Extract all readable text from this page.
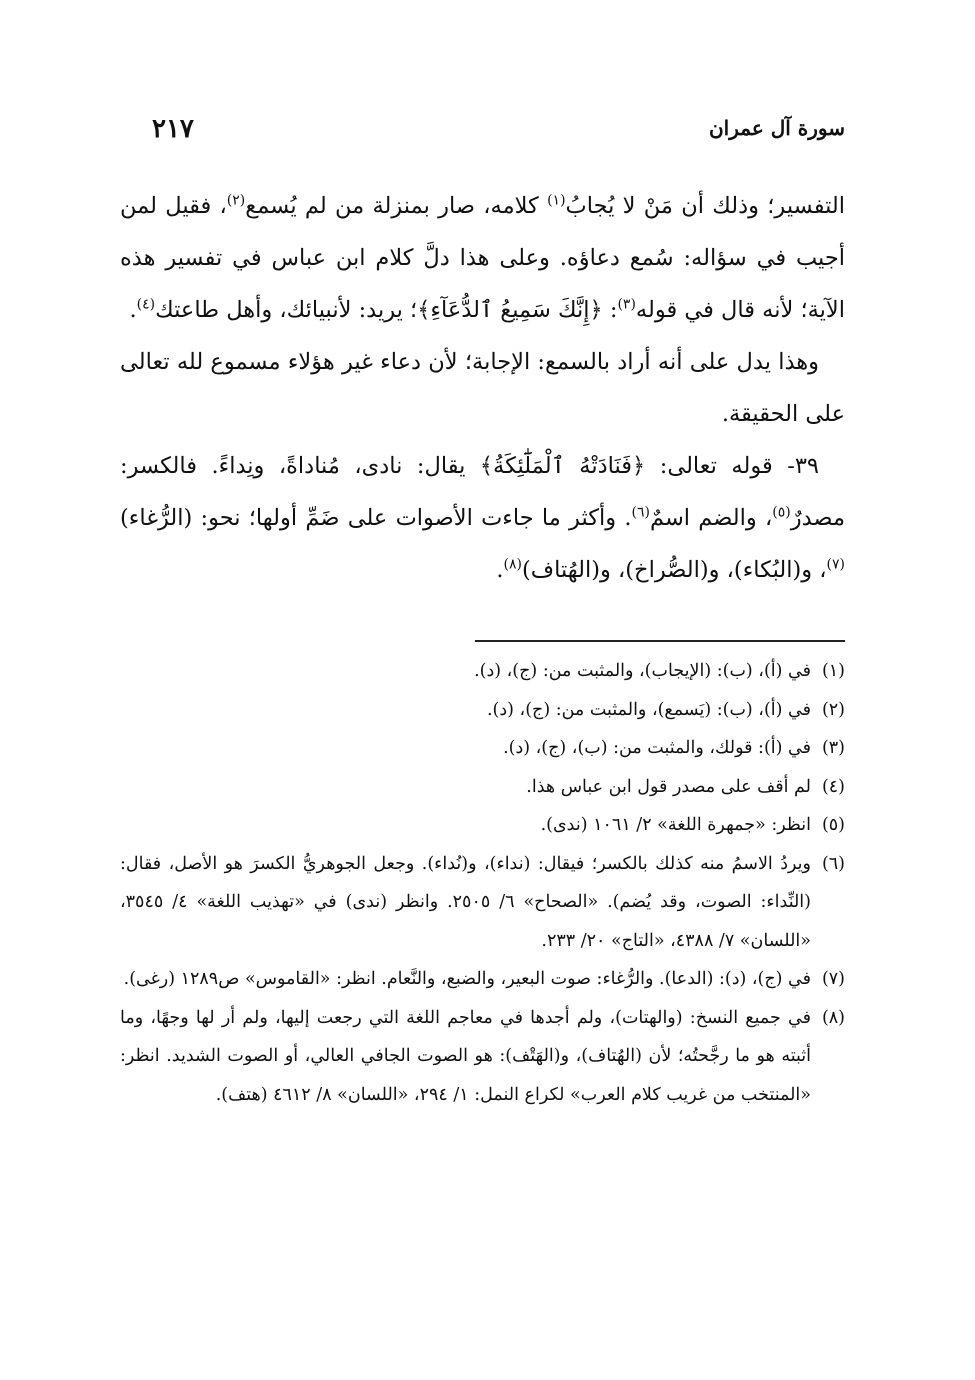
سورة آل عمران
٢١٧

التفسير؛ وذلك أن مَنْ لا يُجابُ$^{(١)}$ كلامه، صار بمنزلة من لم يُسمع$^{(٢)}$، فقيل لمن أجيب في سؤاله: سُمع دعاؤه. وعلى هذا دلَّ كلام ابن عباس في تفسير هذه الآية؛ لأنه قال في قوله$^{(٣)}$: ﴿إِنَّكَ سَمِيعُ ٱلدُّعَآءِ﴾؛ يريد: لأنبيائك، وأهل طاعتك$^{(٤)}$.

وهذا يدل على أنه أراد بالسمع: الإجابة؛ لأن دعاء غير هؤلاء مسموع لله تعالى على الحقيقة.

٣٩- قوله تعالى: ﴿فَنَادَتْهُ ٱلْمَلَٰٓئِكَةُ﴾ يقال: نادى، مُناداةً، ونِداءً. فالكسر: مصدرٌ$^{(٥)}$، والضم اسمٌ$^{(٦)}$. وأكثر ما جاءت الأصوات على ضَمِّ أولها؛ نحو: (الرُّغاء)$^{(٧)}$، و(البُكاء)، و(الصُّراخ)، و(الهُتاف)$^{(٨)}$.

(١)
في (أ)، (ب): (الإيجاب)، والمثبت من: (ج)، (د).
(٢)
في (أ)، (ب): (يَسمع)، والمثبت من: (ج)، (د).
(٣)
في (أ): قولك، والمثبت من: (ب)، (ج)، (د).
(٤)
لم أقف على مصدر قول ابن عباس هذا.
(٥)
انظر: «جمهرة اللغة» ٢/ ١٠٦١ (ندى).
(٦)
ويردُ الاسمُ منه كذلك بالكسر؛ فيقال: (نداء)، و(نُداء). وجعل الجوهريُّ الكسرَ هو الأصل، فقال: (النِّداء: الصوت، وقد يُضم). «الصحاح» ٦/ ٢٥٠٥. وانظر (ندى) في «تهذيب اللغة» ٤/ ٣٥٤٥، «اللسان» ٧/ ٤٣٨٨، «التاج» ٢٠/ ٢٣٣.
(٧)
في (ج)، (د): (الدعا). والرُّغاء: صوت البعير، والضبع، والنَّعام. انظر: «القاموس» ص١٢٨٩ (رغى).
(٨)
في جميع النسخ: (والهتات)، ولم أجدها في معاجم اللغة التي رجعت إليها، ولم أر لها وجهًا، وما أثبته هو ما رجَّحتُه؛ لأن (الهُتاف)، و(الهَتْف): هو الصوت الجافي العالي، أو الصوت الشديد. انظر: «المنتخب من غريب كلام العرب» لكراع النمل: ١/ ٢٩٤، «اللسان» ٨/ ٤٦١٢ (هتف).
